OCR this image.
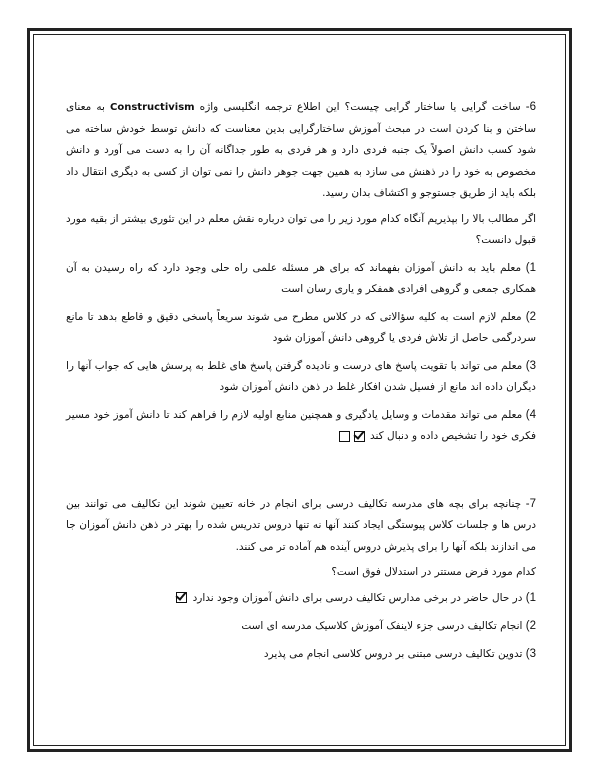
6- ساخت گرایی یا ساختار گرایی چیست؟ این اطلاع ترجمه انگلیسی واژه Constructivism به معنای ساختن و بنا کردن است در مبحث آموزش ساختارگرایی بدین معناست که دانش توسط خودش ساخته می شود کسب دانش اصولاً یک جنبه فردی دارد و هر فردی به طور جداگانه آن را به دست می آورد و دانش مخصوص به خود را در ذهنش می سازد به همین جهت جوهر دانش را نمی توان از کسی به دیگری انتقال داد بلکه باید از طریق جستوجو و اکتشاف بدان رسید.

اگر مطالب بالا را بپذیریم آنگاه کدام مورد زیر را می توان درباره نقش معلم در این تئوری بیشتر از بقیه مورد قبول دانست؟

1) معلم باید به دانش آموزان بفهماند که برای هر مسئله علمی راه حلی وجود دارد که راه رسیدن به آن همکاری جمعی و گروهی افرادی همفکر و یاری رسان است

2) معلم لازم است به کلیه سؤالاتی که در کلاس مطرح می شوند سریعاً پاسخی دقیق و قاطع بدهد تا مانع سردرگمی حاصل از تلاش فردی یا گروهی دانش آموزان شود

3) معلم می تواند با تقویت پاسخ های درست و نادیده گرفتن پاسخ های غلط به پرسش هایی که جواب آنها را دیگران داده اند مانع از فسیل شدن افکار غلط در ذهن دانش آموزان شود

4) معلم می تواند مقدمات و وسایل یادگیری و همچنین منابع اولیه لازم را فراهم کند تا دانش آموز خود مسیر فکری خود را تشخیص داده و دنبال کند

7- چنانچه برای بچه های مدرسه تکالیف درسی برای انجام در خانه تعیین شوند این تکالیف می توانند بین درس ها و جلسات کلاس پیوستگی ایجاد کنند آنها نه تنها دروس تدریس شده را بهتر در ذهن دانش آموزان جا می اندازند بلکه آنها را برای پذیرش دروس آینده هم آماده تر می کنند.

کدام مورد فرض مستتر در استدلال فوق است؟

1) در حال حاضر در برخی مدارس تکالیف درسی برای دانش آموزان وجود ندارد

2) انجام تکالیف درسی جزء لاینفک آموزش کلاسیک مدرسه ای است

3) تدوین تکالیف درسی مبتنی بر دروس کلاسی انجام می پذیرد
